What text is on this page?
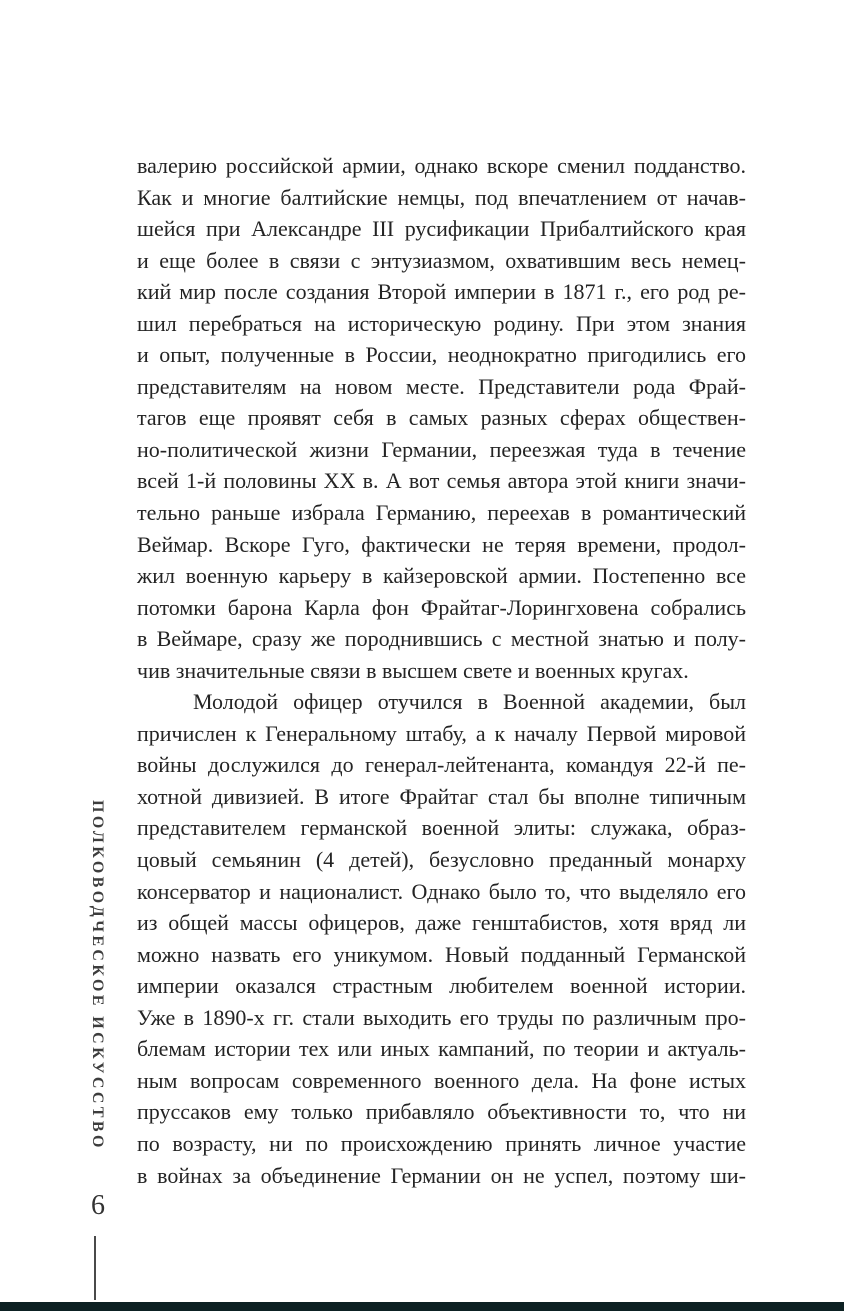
валерию российской армии, однако вскоре сменил подданство.
Как и многие балтийские немцы, под впечатлением от начав-
шейся при Александре III русификации Прибалтийского края
и еще более в связи с энтузиазмом, охватившим весь немец-
кий мир после создания Второй империи в 1871 г., его род ре-
шил перебраться на историческую родину. При этом знания
и опыт, полученные в России, неоднократно пригодились его
представителям на новом месте. Представители рода Фрай-
тагов еще проявят себя в самых разных сферах обществен-
но-политической жизни Германии, переезжая туда в течение
всей 1-й половины XX в. А вот семья автора этой книги значи-
тельно раньше избрала Германию, переехав в романтический
Веймар. Вскоре Гуго, фактически не теряя времени, продол-
жил военную карьеру в кайзеровской армии. Постепенно все
потомки барона Карла фон Фрайтаг-Лорингховена собрались
в Веймаре, сразу же породнившись с местной знатью и полу-
чив значительные связи в высшем свете и военных кругах.
Молодой офицер отучился в Военной академии, был
причислен к Генеральному штабу, а к началу Первой мировой
войны дослужился до генерал-лейтенанта, командуя 22-й пе-
хотной дивизией. В итоге Фрайтаг стал бы вполне типичным
представителем германской военной элиты: служака, образ-
цовый семьянин (4 детей), безусловно преданный монарху
консерватор и националист. Однако было то, что выделяло его
из общей массы офицеров, даже генштабистов, хотя вряд ли
можно назвать его уникумом. Новый подданный Германской
империи оказался страстным любителем военной истории.
Уже в 1890-х гг. стали выходить его труды по различным про-
блемам истории тех или иных кампаний, по теории и актуаль-
ным вопросам современного военного дела. На фоне истых
пруссаков ему только прибавляло объективности то, что ни
по возрасту, ни по происхождению принять личное участие
в войнах за объединение Германии он не успел, поэтому ши-
ПОЛКОВОДЧЕСКОЕ ИСКУССТВО
6
